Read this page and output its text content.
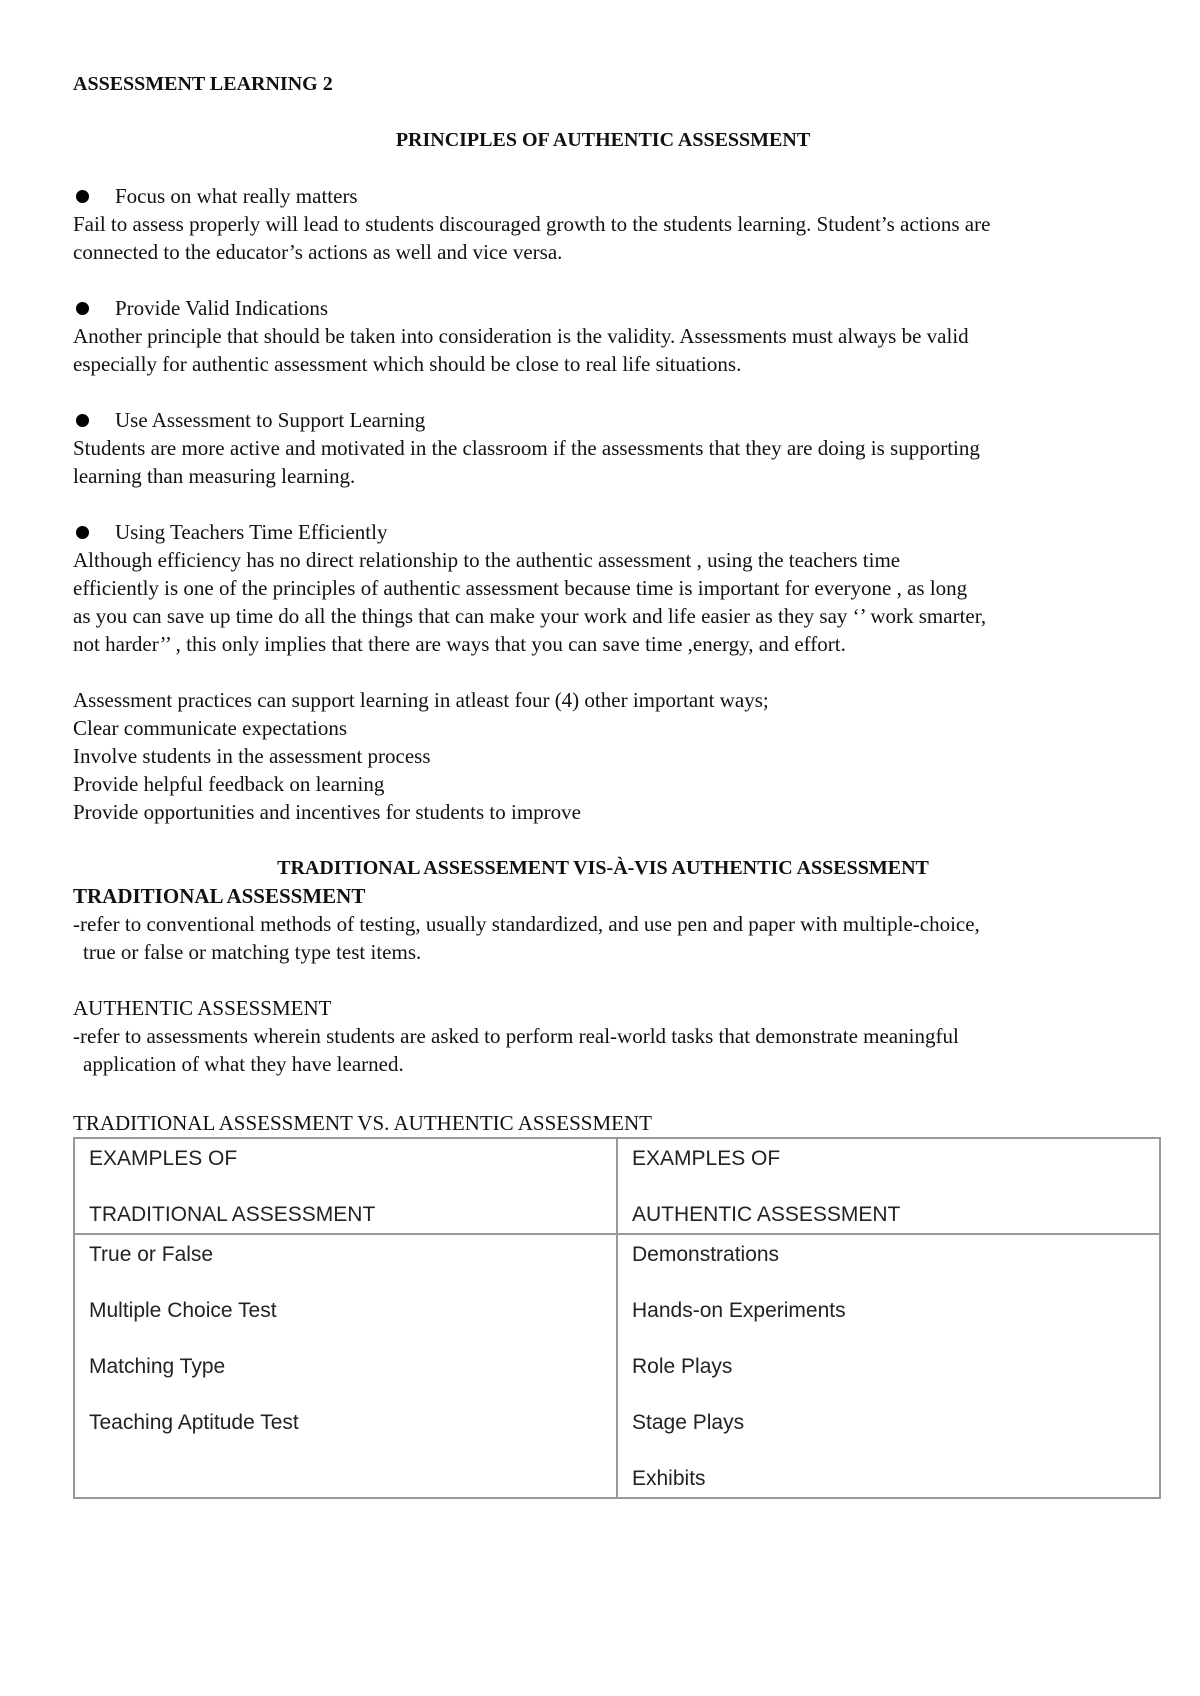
ASSESSMENT LEARNING 2
PRINCIPLES OF AUTHENTIC ASSESSMENT
Focus on what really matters
Fail to assess properly will lead to students discouraged growth to the students learning. Student’s actions are
connected to the educator’s actions as well and vice versa.
Provide Valid Indications
Another principle that should be taken into consideration is the validity. Assessments must always be valid
especially for authentic assessment which should be close to real life situations.
Use Assessment to Support Learning
Students are more active and motivated in the classroom if the assessments that they are doing is supporting
learning than measuring learning.
Using Teachers Time Efficiently
Although efficiency has no direct relationship to the authentic assessment , using the teachers time
efficiently is one of the principles of authentic assessment because time is important for everyone , as long
as you can save up time do all the things that can make your work and life easier as they say ‘’ work smarter,
not harder’’ , this only implies that there are ways that you can save time ,energy, and effort.
Assessment practices can support learning in atleast four (4) other important ways;
Clear communicate expectations
Involve students in the assessment process
Provide helpful feedback on learning
Provide opportunities and incentives for students to improve
TRADITIONAL ASSESSEMENT VIS-À-VIS AUTHENTIC ASSESSMENT
TRADITIONAL ASSESSMENT
-refer to conventional methods of testing, usually standardized, and use pen and paper with multiple-choice,
true or false or matching type test items.
AUTHENTIC ASSESSMENT
-refer to assessments wherein students are asked to perform real-world tasks that demonstrate meaningful
application of what they have learned.
TRADITIONAL ASSESSMENT VS. AUTHENTIC ASSESSMENT
EXAMPLES OF
TRADITIONAL ASSESSMENT	EXAMPLES OF
AUTHENTIC ASSESSMENT

True or False
Multiple Choice Test
Matching Type
Teaching Aptitude Test	Demonstrations
Hands-on Experiments
Role Plays
Stage Plays
Exhibits
